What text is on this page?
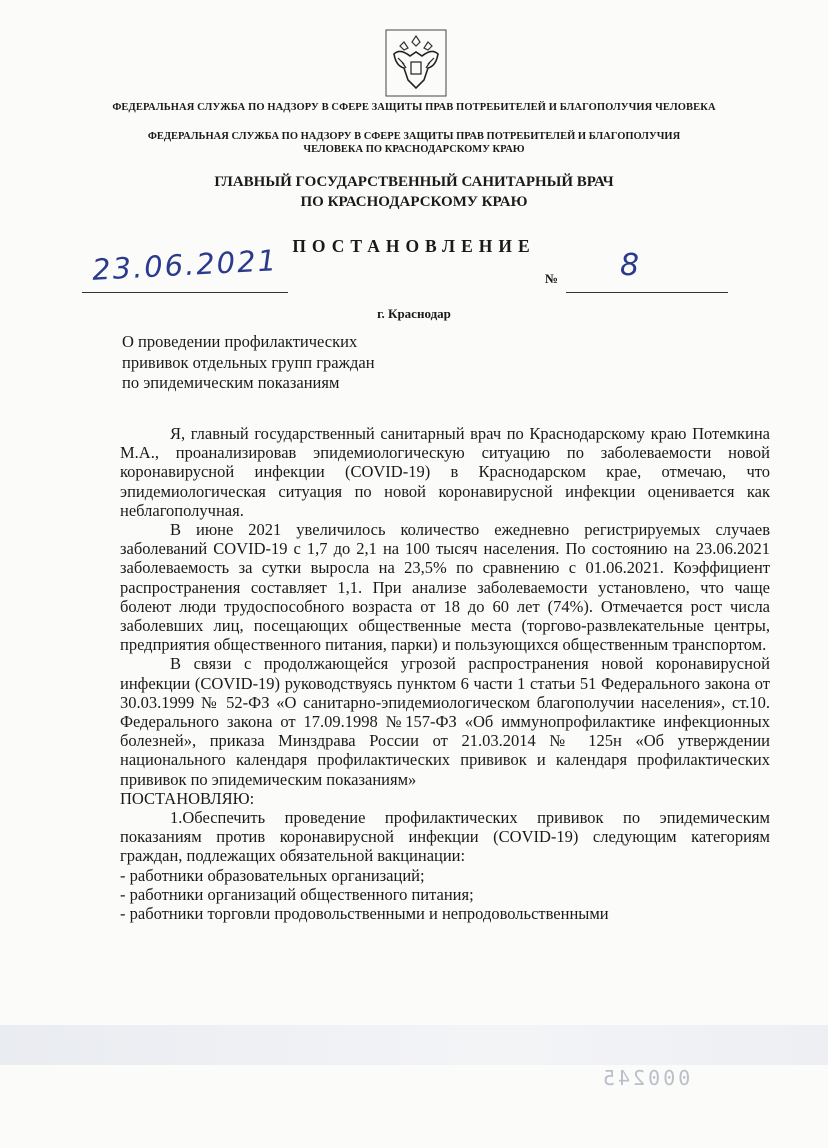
ФЕДЕРАЛЬНАЯ СЛУЖБА ПО НАДЗОРУ В СФЕРЕ ЗАЩИТЫ ПРАВ ПОТРЕБИТЕЛЕЙ И БЛАГОПОЛУЧИЯ ЧЕЛОВЕКА
ФЕДЕРАЛЬНАЯ СЛУЖБА ПО НАДЗОРУ В СФЕРЕ ЗАЩИТЫ ПРАВ ПОТРЕБИТЕЛЕЙ И БЛАГОПОЛУЧИЯ
ЧЕЛОВЕКА ПО КРАСНОДАРСКОМУ КРАЮ
ГЛАВНЫЙ ГОСУДАРСТВЕННЫЙ САНИТАРНЫЙ ВРАЧ
ПО КРАСНОДАРСКОМУ КРАЮ
ПОСТАНОВЛЕНИЕ
23.06.2021	№ 8
г. Краснодар
О проведении профилактических
прививок отдельных групп граждан
по эпидемическим показаниям

Я, главный государственный санитарный врач по Краснодарскому краю Потемкина М.А., проанализировав эпидемиологическую ситуацию по заболеваемости новой коронавирусной инфекции (COVID-19) в Краснодарском крае, отмечаю, что эпидемиологическая ситуация по новой коронавирусной инфекции оценивается как неблагополучная.

В июне 2021 увеличилось количество ежедневно регистрируемых случаев заболеваний COVID-19 с 1,7 до 2,1 на 100 тысяч населения. По состоянию на 23.06.2021 заболеваемость за сутки выросла на 23,5% по сравнению с 01.06.2021. Коэффициент распространения составляет 1,1. При анализе заболеваемости установлено, что чаще болеют люди трудоспособного возраста от 18 до 60 лет (74%). Отмечается рост числа заболевших лиц, посещающих общественные места (торгово-развлекательные центры, предприятия общественного питания, парки) и пользующихся общественным транспортом.

В связи с продолжающейся угрозой распространения новой коронавирусной инфекции (COVID-19) руководствуясь пунктом 6 части 1 статьи 51 Федерального закона от 30.03.1999 № 52-ФЗ «О санитарно-эпидемиологическом благополучии населения», ст.10. Федерального закона от 17.09.1998 №157-ФЗ «Об иммунопрофилактике инфекционных болезней», приказа Минздрава России от 21.03.2014 № 125н «Об утверждении национального календаря профилактических прививок и календаря профилактических прививок по эпидемическим показаниям»

ПОСТАНОВЛЯЮ:

1.Обеспечить проведение профилактических прививок по эпидемическим показаниям против коронавирусной инфекции (COVID-19) следующим категориям граждан, подлежащих обязательной вакцинации:

- работники образовательных организаций;

- работники организаций общественного питания;

- работники торговли продовольственными и непродовольственными

000245
